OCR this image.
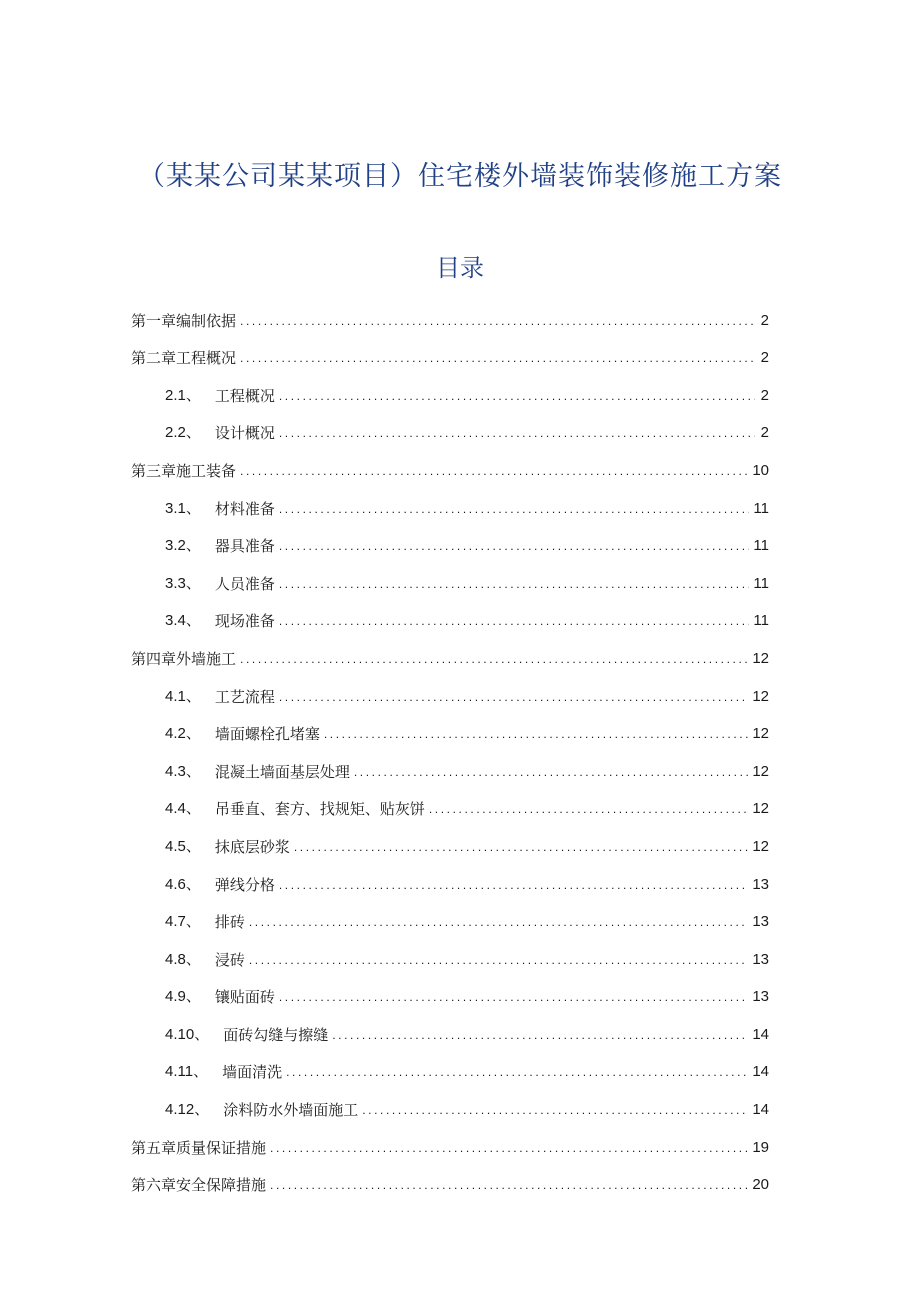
（某某公司某某项目）住宅楼外墙装饰装修施工方案
目录
第一章编制依据 .....	2
第二章工程概况 .....	2
2.1、 工程概况 .....	2
2.2、 设计概况 .....	2
第三章施工装备 .....	10
3.1、 材料准备 .....	11
3.2、 器具准备 .....	11
3.3、 人员准备 .....	11
3.4、 现场准备 .....	11
第四章外墙施工 .....	12
4.1、 工艺流程 .....	12
4.2、 墙面螺栓孔堵塞 .....	12
4.3、 混凝土墙面基层处理 .....	12
4.4、 吊垂直、套方、找规矩、贴灰饼 .....	12
4.5、 抹底层砂浆 .....	12
4.6、 弹线分格 .....	13
4.7、 排砖 .....	13
4.8、 浸砖 .....	13
4.9、 镶贴面砖 .....	13
4.10、 面砖勾缝与擦缝 .....	14
4.11、 墙面清洗 .....	14
4.12、 涂料防水外墙面施工 .....	14
第五章质量保证措施 .....	19
第六章安全保障措施 .....	20
